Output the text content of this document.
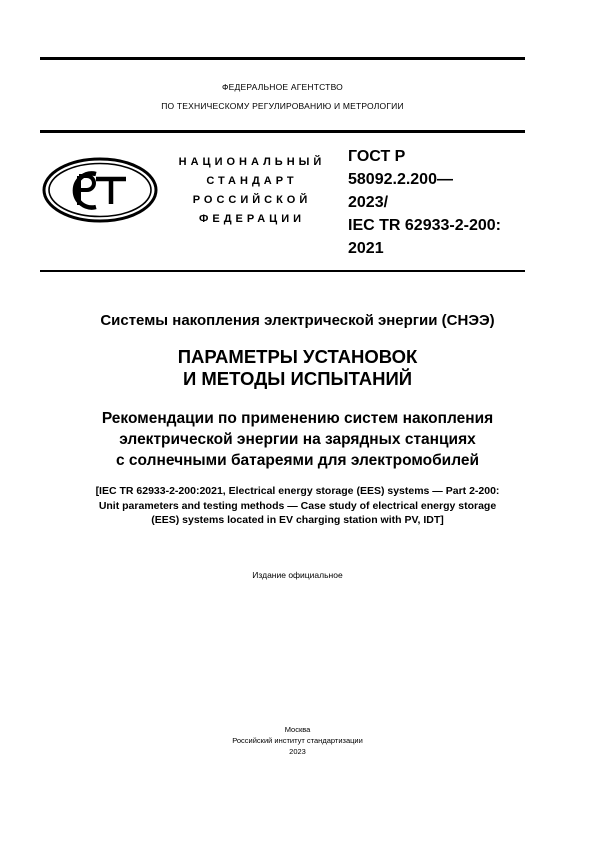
ФЕДЕРАЛЬНОЕ АГЕНТСТВО
ПО ТЕХНИЧЕСКОМУ РЕГУЛИРОВАНИЮ И МЕТРОЛОГИИ
НАЦИОНАЛЬНЫЙ
СТАНДАРТ
РОССИЙСКОЙ
ФЕДЕРАЦИИ
ГОСТ Р
58092.2.200—
2023/
IEC TR 62933-2-200:
2021
Системы накопления электрической энергии (СНЭЭ)
ПАРАМЕТРЫ УСТАНОВОК
И МЕТОДЫ ИСПЫТАНИЙ
Рекомендации по применению систем накопления
электрической энергии на зарядных станциях
с солнечными батареями для электромобилей
[IEC TR 62933-2-200:2021, Electrical energy storage (EES) systems — Part 2-200:
Unit parameters and testing methods — Case study of electrical energy storage
(EES) systems located in EV charging station with PV, IDT]
Издание официальное
Москва
Российский институт стандартизации
2023
